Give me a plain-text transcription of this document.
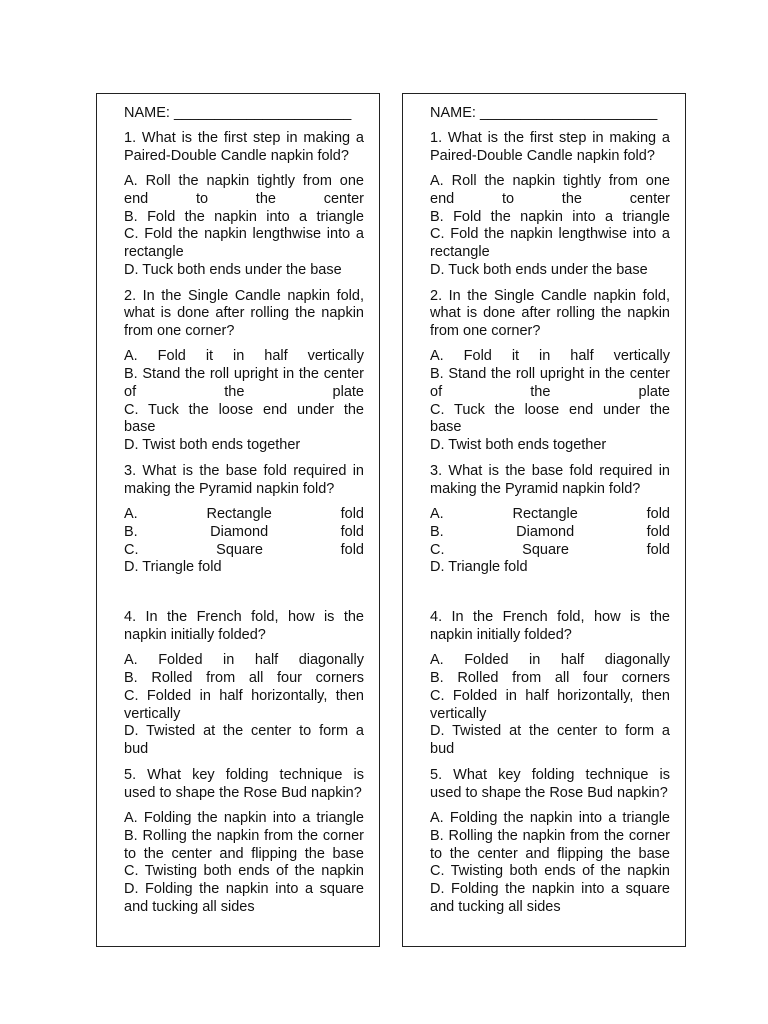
NAME: ______________________
1. What is the first step in making a Paired-Double Candle napkin fold?
A. Roll the napkin tightly from one end to the center
B. Fold the napkin into a triangle
C. Fold the napkin lengthwise into a rectangle
D. Tuck both ends under the base
2. In the Single Candle napkin fold, what is done after rolling the napkin from one corner?
A. Fold it in half vertically
B. Stand the roll upright in the center of the plate
C. Tuck the loose end under the base
D. Twist both ends together
3. What is the base fold required in making the Pyramid napkin fold?
A. Rectangle fold
B. Diamond fold
C. Square fold
D. Triangle fold
4. In the French fold, how is the napkin initially folded?
A. Folded in half diagonally
B. Rolled from all four corners
C. Folded in half horizontally, then vertically
D. Twisted at the center to form a bud
5. What key folding technique is used to shape the Rose Bud napkin?
A. Folding the napkin into a triangle
B. Rolling the napkin from the corner to the center and flipping the base
C. Twisting both ends of the napkin
D. Folding the napkin into a square and tucking all sides
NAME: ______________________
1. What is the first step in making a Paired-Double Candle napkin fold?
A. Roll the napkin tightly from one end to the center
B. Fold the napkin into a triangle
C. Fold the napkin lengthwise into a rectangle
D. Tuck both ends under the base
2. In the Single Candle napkin fold, what is done after rolling the napkin from one corner?
A. Fold it in half vertically
B. Stand the roll upright in the center of the plate
C. Tuck the loose end under the base
D. Twist both ends together
3. What is the base fold required in making the Pyramid napkin fold?
A. Rectangle fold
B. Diamond fold
C. Square fold
D. Triangle fold
4. In the French fold, how is the napkin initially folded?
A. Folded in half diagonally
B. Rolled from all four corners
C. Folded in half horizontally, then vertically
D. Twisted at the center to form a bud
5. What key folding technique is used to shape the Rose Bud napkin?
A. Folding the napkin into a triangle
B. Rolling the napkin from the corner to the center and flipping the base
C. Twisting both ends of the napkin
D. Folding the napkin into a square and tucking all sides
